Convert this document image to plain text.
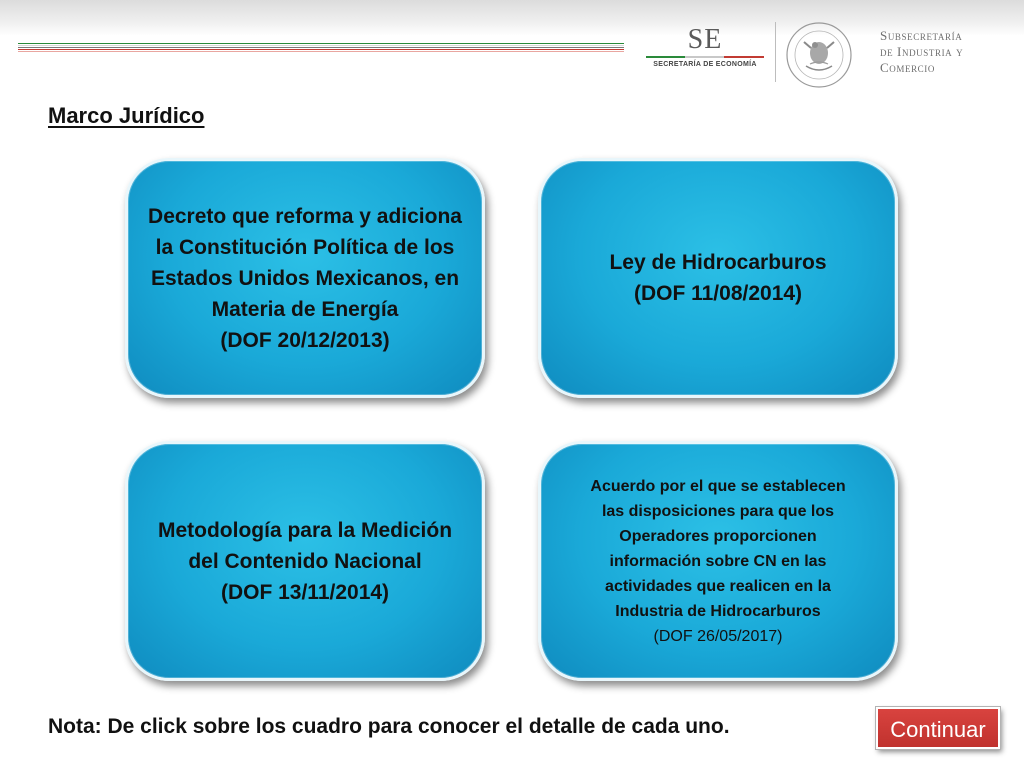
SE
SECRETARÍA DE ECONOMÍA
Subsecretaría
de Industria y
Comercio
Marco Jurídico
Decreto que reforma y adiciona
la Constitución Política de los
Estados Unidos Mexicanos, en
Materia de Energía
(DOF 20/12/2013)
Ley de Hidrocarburos
(DOF 11/08/2014)
Metodología para la Medición
del Contenido Nacional
(DOF 13/11/2014)
Acuerdo por el que se establecen
las disposiciones para que los
Operadores proporcionen
información sobre CN en las
actividades que realicen en la
Industria de Hidrocarburos
(DOF 26/05/2017)
Nota: De click sobre los cuadro para conocer el detalle de cada uno.	Continuar
